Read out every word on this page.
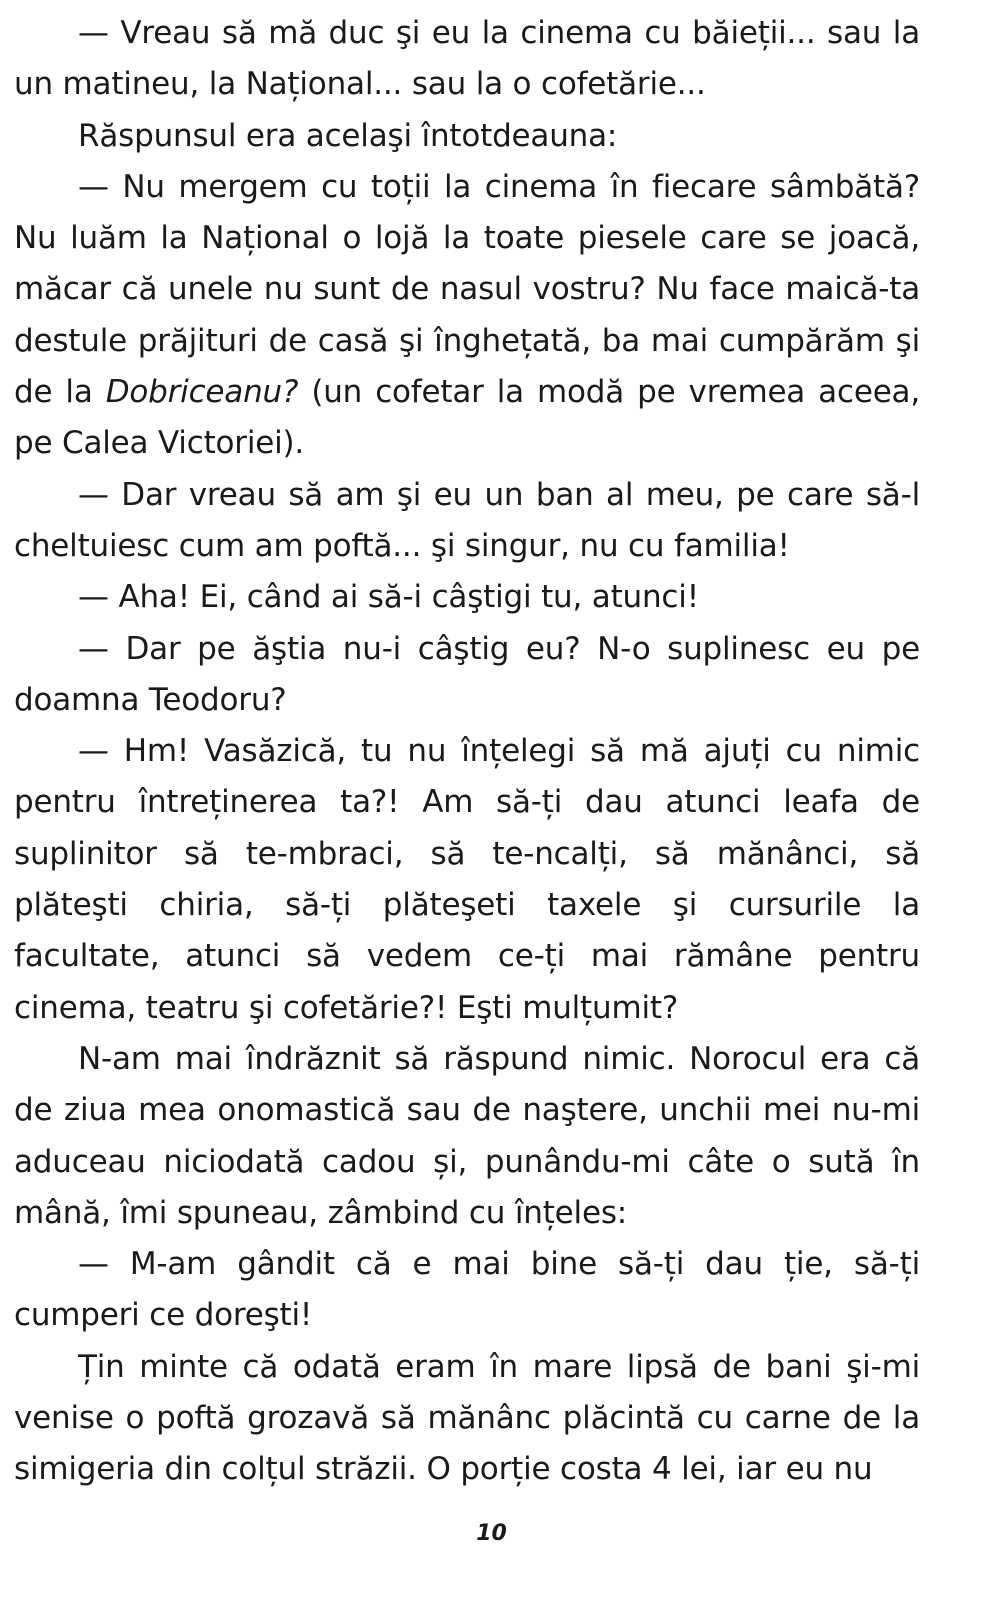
— Vreau să mă duc şi eu la cinema cu băieții... sau la un matineu, la Național... sau la o cofetărie...

Răspunsul era acelaşi întotdeauna:

— Nu mergem cu toții la cinema în fiecare sâmbătă? Nu luăm la Național o lojă la toate piesele care se joacă, măcar că unele nu sunt de nasul vostru? Nu face maică-ta destule prăjituri de casă şi înghețată, ba mai cumpărăm şi de la Dobriceanu? (un cofetar la modă pe vremea aceea, pe Calea Victoriei).

— Dar vreau să am şi eu un ban al meu, pe care să-l cheltuiesc cum am poftă... şi singur, nu cu familia!

— Aha! Ei, când ai să-i câştigi tu, atunci!

— Dar pe ăştia nu-i câştig eu? N-o suplinesc eu pe doamna Teodoru?

— Hm! Vasăzică, tu nu înțelegi să mă ajuți cu nimic pentru întreținerea ta?! Am să-ți dau atunci leafa de suplinitor să te-mbraci, să te-ncalți, să mănânci, să plăteşti chiria, să-ți plăteşeti taxele şi cursurile la facultate, atunci să vedem ce-ți mai rămâne pentru cinema, teatru şi cofetărie?! Eşti mulțumit?

N-am mai îndrăznit să răspund nimic. Norocul era că de ziua mea onomastică sau de naştere, unchii mei nu-mi aduceau niciodată cadou și, punându-mi câte o sută în mână, îmi spuneau, zâmbind cu înțeles:

— M-am gândit că e mai bine să-ți dau ție, să-ți cumperi ce doreşti!

Țin minte că odată eram în mare lipsă de bani şi-mi venise o poftă grozavă să mănânc plăcintă cu carne de la simigeria din colțul străzii. O porție costa 4 lei, iar eu nu

10
